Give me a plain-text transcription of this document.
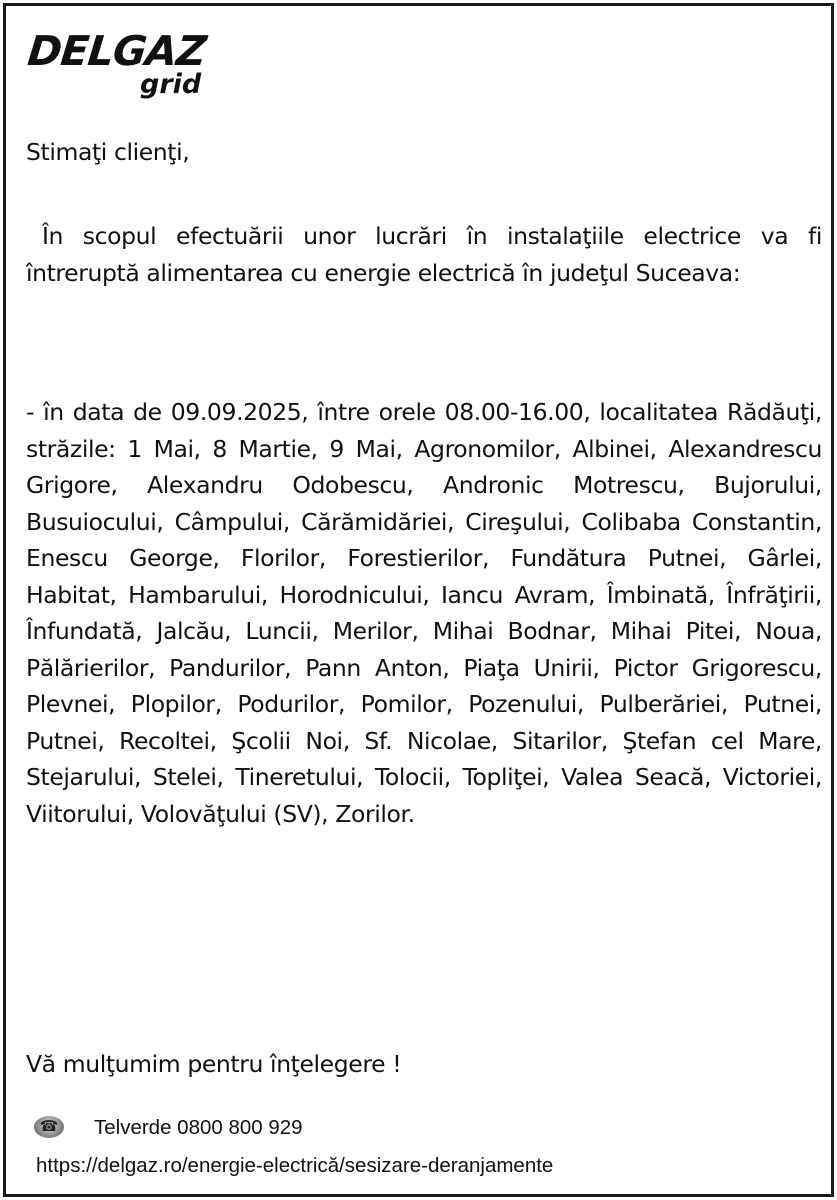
DELGAZ
grid
Stimaţi clienţi,
În scopul efectuării unor lucrări în instalaţiile electrice va fi întreruptă alimentarea cu energie electrică în judeţul Suceava:
- în data de 09.09.2025, între orele 08.00-16.00, localitatea Rădăuţi, străzile: 1 Mai, 8 Martie, 9 Mai, Agronomilor, Albinei, Alexandrescu Grigore, Alexandru Odobescu, Andronic Motrescu, Bujorului, Busuiocului, Câmpului, Cărămidăriei, Cireşului, Colibaba Constantin, Enescu George, Florilor, Forestierilor, Fundătura Putnei, Gârlei, Habitat, Hambarului, Horodnicului, Iancu Avram, Îmbinată, Înfrăţirii, Înfundată, Jalcău, Luncii, Merilor, Mihai Bodnar, Mihai Pitei, Noua, Pălărierilor, Pandurilor, Pann Anton, Piaţa Unirii, Pictor Grigorescu, Plevnei, Plopilor, Podurilor, Pomilor, Pozenului, Pulberăriei, Putnei, Putnei, Recoltei, Şcolii Noi, Sf. Nicolae, Sitarilor, Ştefan cel Mare, Stejarului, Stelei, Tineretului, Tolocii, Topliţei, Valea Seacă, Victoriei, Viitorului, Volovăţului (SV), Zorilor.
Vă mulţumim pentru înţelegere !
☎ Telverde 0800 800 929
https://delgaz.ro/energie-electrică/sesizare-deranjamente
